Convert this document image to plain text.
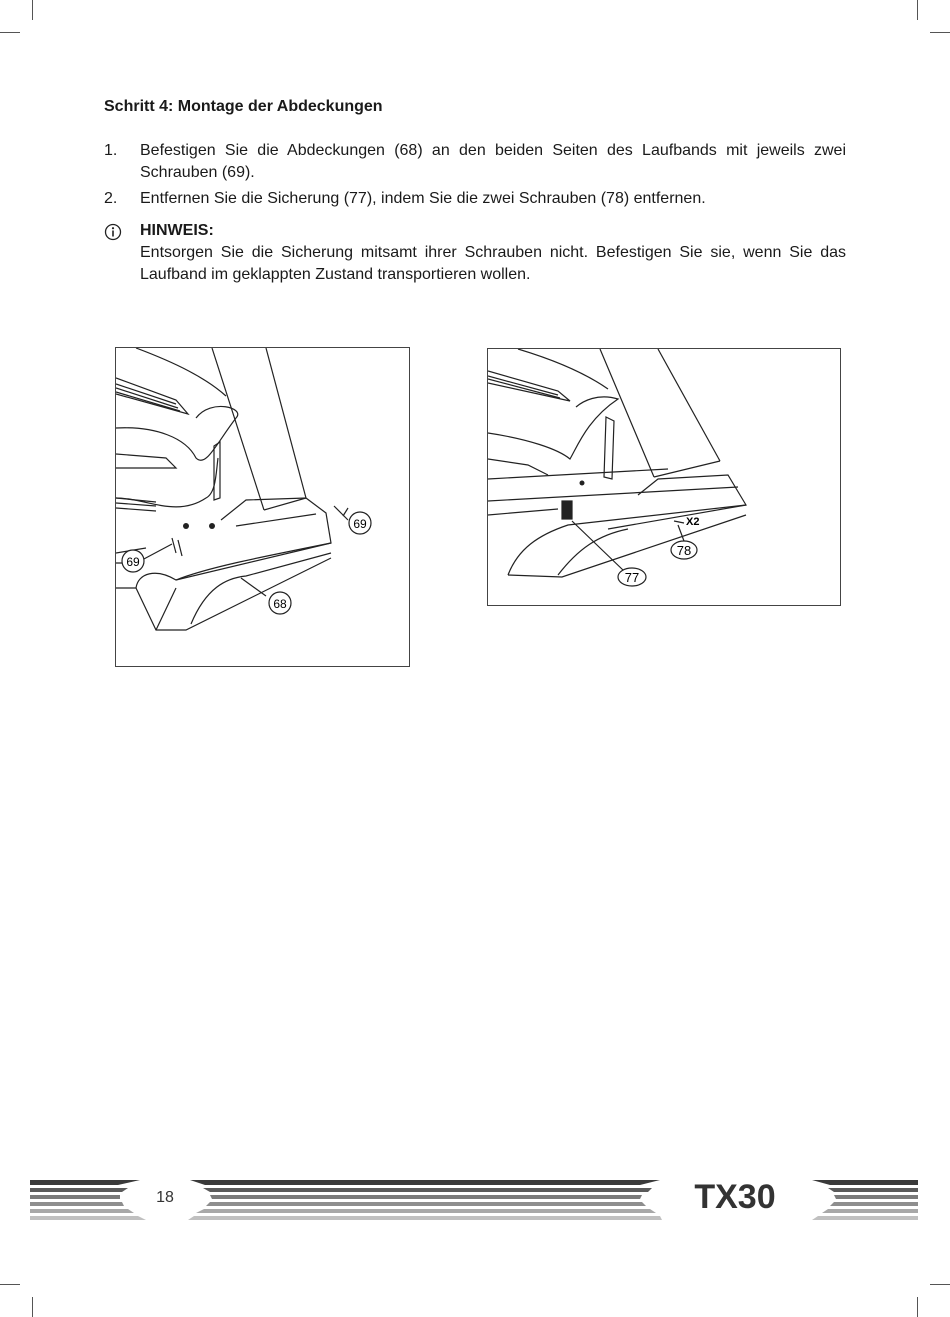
Schritt 4: Montage der Abdeckungen
1. Befestigen Sie die Abdeckungen (68) an den beiden Seiten des Laufbands mit jeweils zwei Schrauben (69).
2. Entfernen Sie die Sicherung (77), indem Sie die zwei Schrauben (78) entfernen.
HINWEIS:
Entsorgen Sie die Sicherung mitsamt ihrer Schrauben nicht. Befestigen Sie sie, wenn Sie das Laufband im geklappten Zustand transportieren wollen.
69
69
68
X2
78
77
18	TX30
